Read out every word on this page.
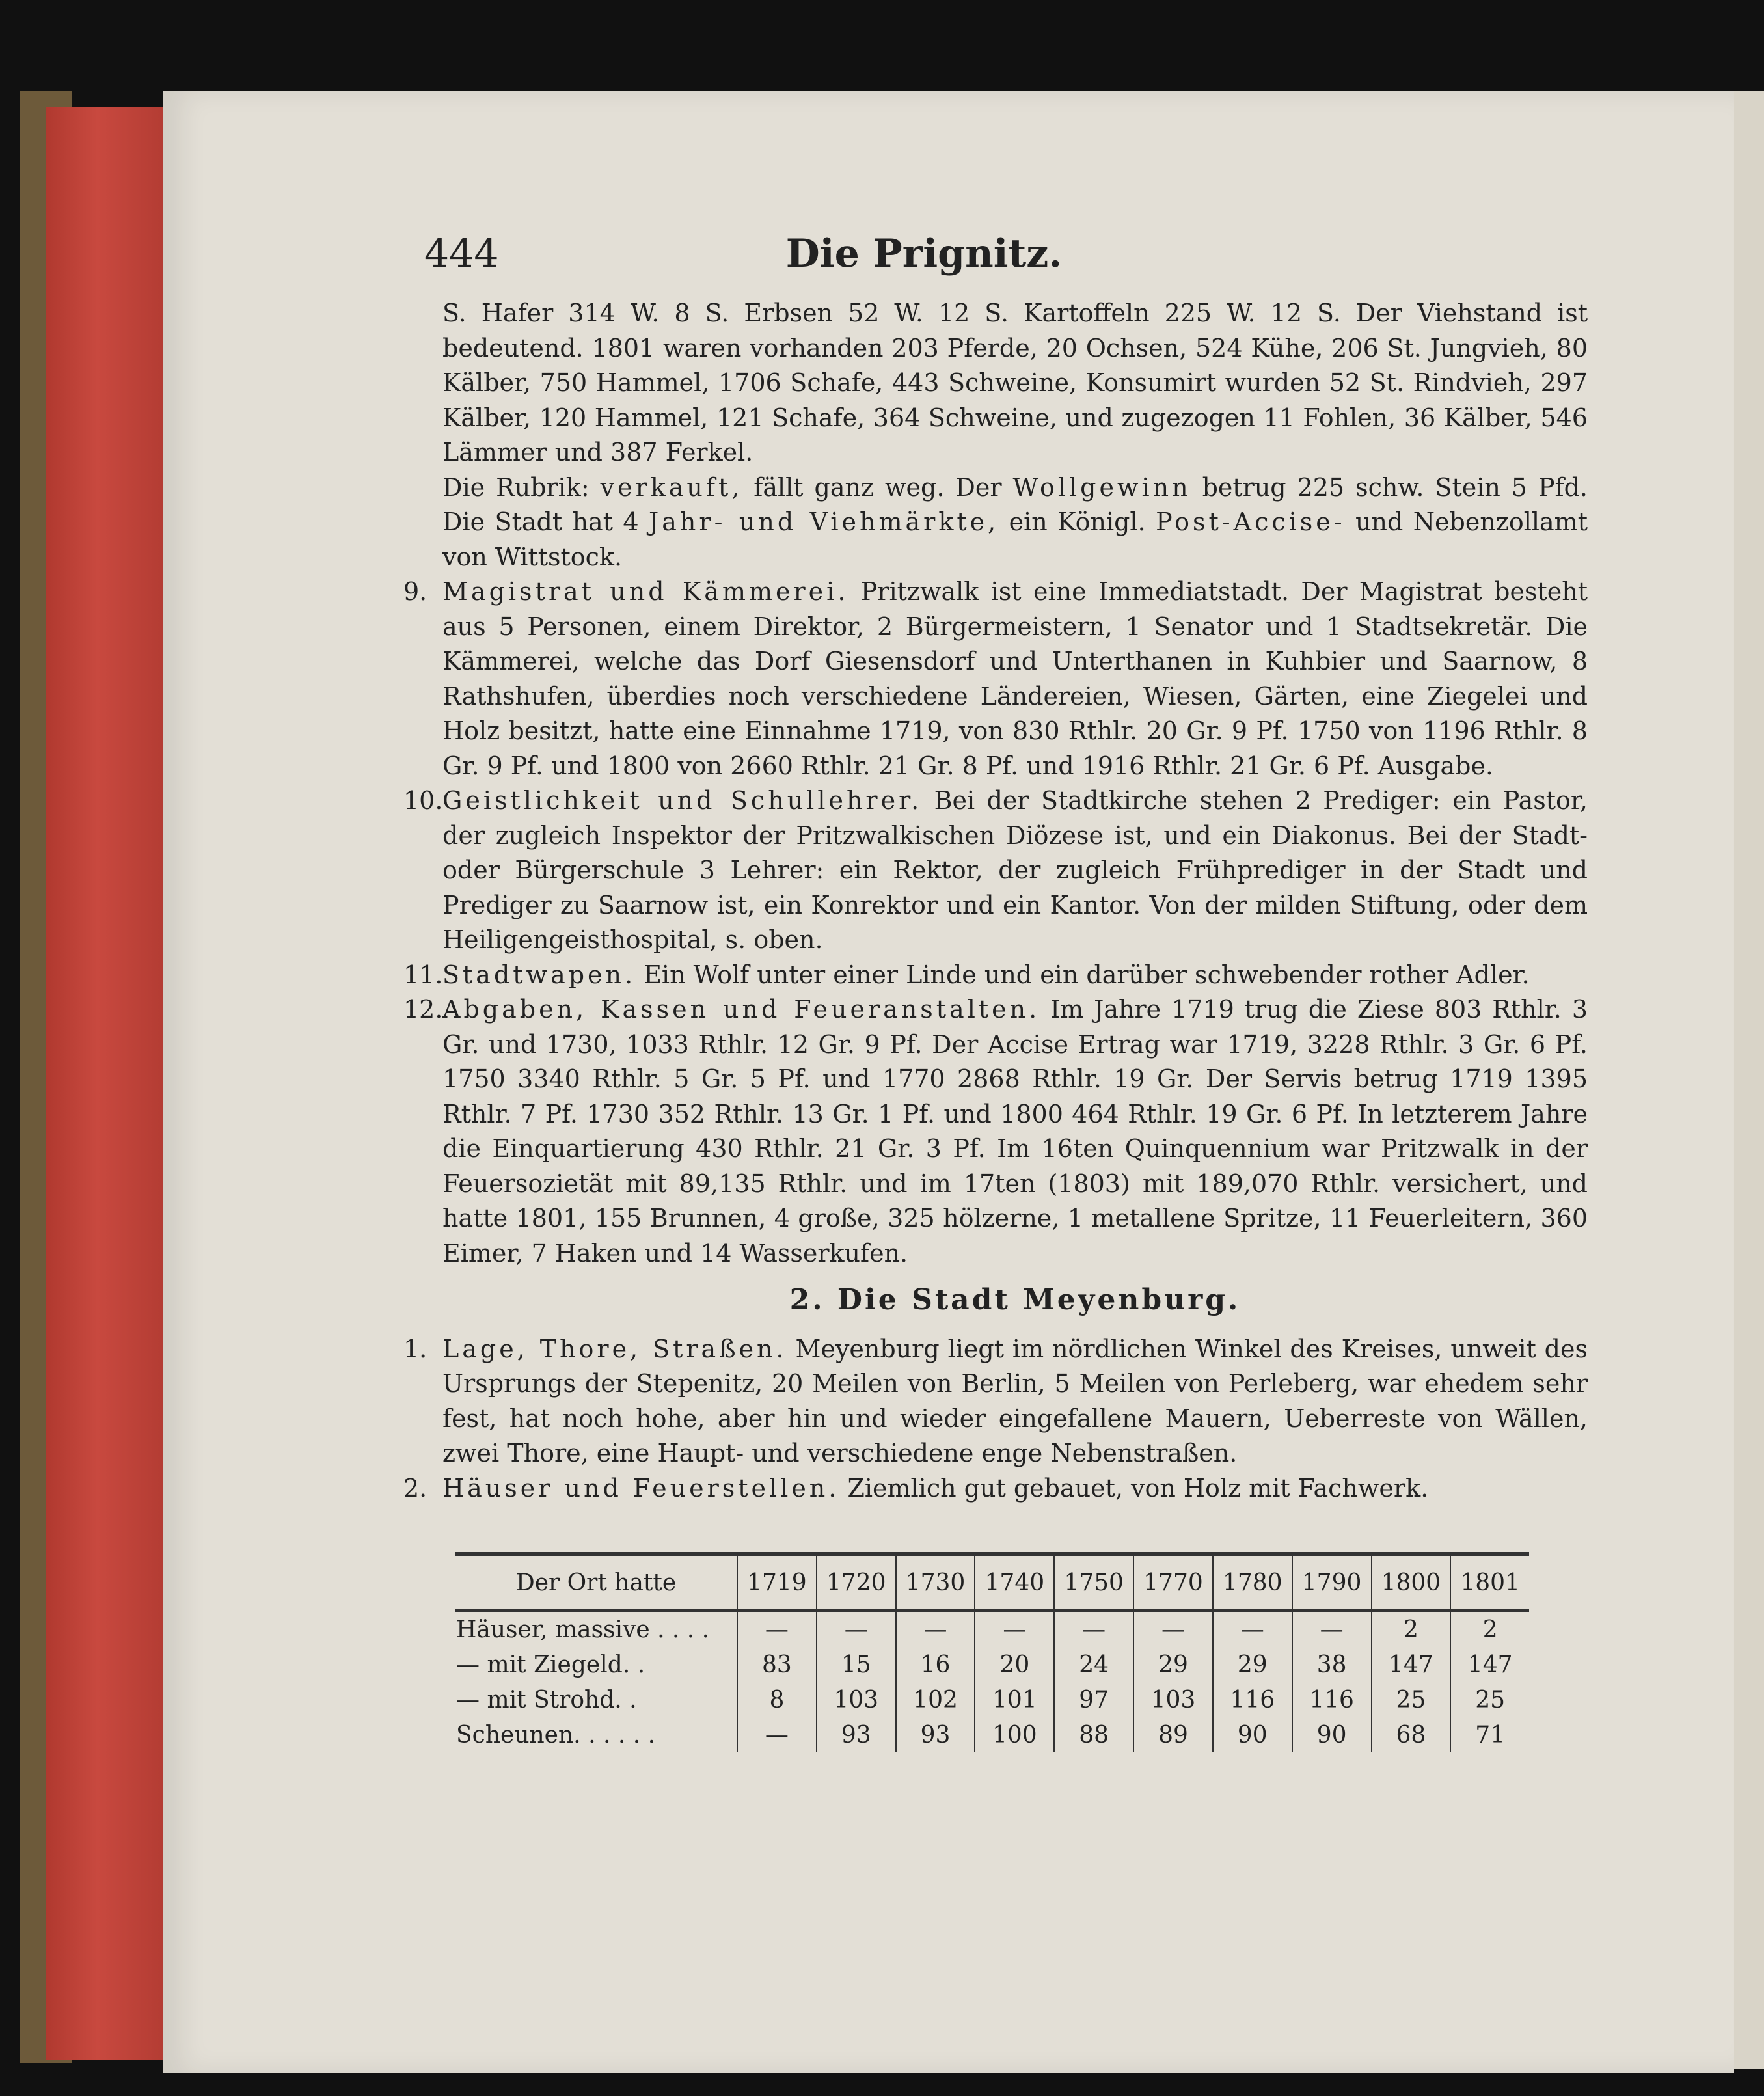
444	Die Prignitz.

S. Hafer 314 W. 8 S. Erbsen 52 W. 12 S. Kartoffeln 225 W. 12 S. Der Viehstand ist bedeutend. 1801 waren vorhanden 203 Pferde, 20 Ochsen, 524 Kühe, 206 St. Jungvieh, 80 Kälber, 750 Hammel, 1706 Schafe, 443 Schweine, Konsumirt wurden 52 St. Rindvieh, 297 Kälber, 120 Hammel, 121 Schafe, 364 Schweine, und zugezogen 11 Fohlen, 36 Kälber, 546 Lämmer und 387 Ferkel.

Die Rubrik: verkauft, fällt ganz weg. Der Wollgewinn betrug 225 schw. Stein 5 Pfd. Die Stadt hat 4 Jahr- und Viehmärkte, ein Königl. Post-Accise- und Nebenzollamt von Wittstock.

9. Magistrat und Kämmerei. Pritzwalk ist eine Immediatstadt. Der Magistrat besteht aus 5 Personen, einem Direktor, 2 Bürgermeistern, 1 Senator und 1 Stadtsekretär. Die Kämmerei, welche das Dorf Giesensdorf und Unterthanen in Kuhbier und Saarnow, 8 Rathshufen, überdies noch verschiedene Ländereien, Wiesen, Gärten, eine Ziegelei und Holz besitzt, hatte eine Einnahme 1719, von 830 Rthlr. 20 Gr. 9 Pf. 1750 von 1196 Rthlr. 8 Gr. 9 Pf. und 1800 von 2660 Rthlr. 21 Gr. 8 Pf. und 1916 Rthlr. 21 Gr. 6 Pf. Ausgabe.

10. Geistlichkeit und Schullehrer. Bei der Stadtkirche stehen 2 Prediger: ein Pastor, der zugleich Inspektor der Pritzwalkischen Diözese ist, und ein Diakonus. Bei der Stadt- oder Bürgerschule 3 Lehrer: ein Rektor, der zugleich Frühprediger in der Stadt und Prediger zu Saarnow ist, ein Konrektor und ein Kantor. Von der milden Stiftung, oder dem Heiligengeisthospital, s. oben.

11. Stadtwapen. Ein Wolf unter einer Linde und ein darüber schwebender rother Adler.

12. Abgaben, Kassen und Feueranstalten. Im Jahre 1719 trug die Ziese 803 Rthlr. 3 Gr. und 1730, 1033 Rthlr. 12 Gr. 9 Pf. Der Accise Ertrag war 1719, 3228 Rthlr. 3 Gr. 6 Pf. 1750 3340 Rthlr. 5 Gr. 5 Pf. und 1770 2868 Rthlr. 19 Gr. Der Servis betrug 1719 1395 Rthlr. 7 Pf. 1730 352 Rthlr. 13 Gr. 1 Pf. und 1800 464 Rthlr. 19 Gr. 6 Pf. In letzterem Jahre die Einquartierung 430 Rthlr. 21 Gr. 3 Pf. Im 16ten Quinquennium war Pritzwalk in der Feuersozietät mit 89,135 Rthlr. und im 17ten (1803) mit 189,070 Rthlr. versichert, und hatte 1801, 155 Brunnen, 4 große, 325 hölzerne, 1 metallene Spritze, 11 Feuerleitern, 360 Eimer, 7 Haken und 14 Wasserkufen.

2. Die Stadt Meyenburg.

1. Lage, Thore, Straßen. Meyenburg liegt im nördlichen Winkel des Kreises, unweit des Ursprungs der Stepenitz, 20 Meilen von Berlin, 5 Meilen von Perleberg, war ehedem sehr fest, hat noch hohe, aber hin und wieder eingefallene Mauern, Ueberreste von Wällen, zwei Thore, eine Haupt- und verschiedene enge Nebenstraßen.

2. Häuser und Feuerstellen. Ziemlich gut gebauet, von Holz mit Fachwerk.

Der Ort hatte	1719	1720	1730	1740	1750	1770	1780	1790	1800	1801
Häuser, massive . . . .	—	—	—	—	—	—	—	—	2	2
— mit Ziegeld. .	83	15	16	20	24	29	29	38	147	147
— mit Strohd. .	8	103	102	101	97	103	116	116	25	25
Scheunen. . . . . .	—	93	93	100	88	89	90	90	68	71
